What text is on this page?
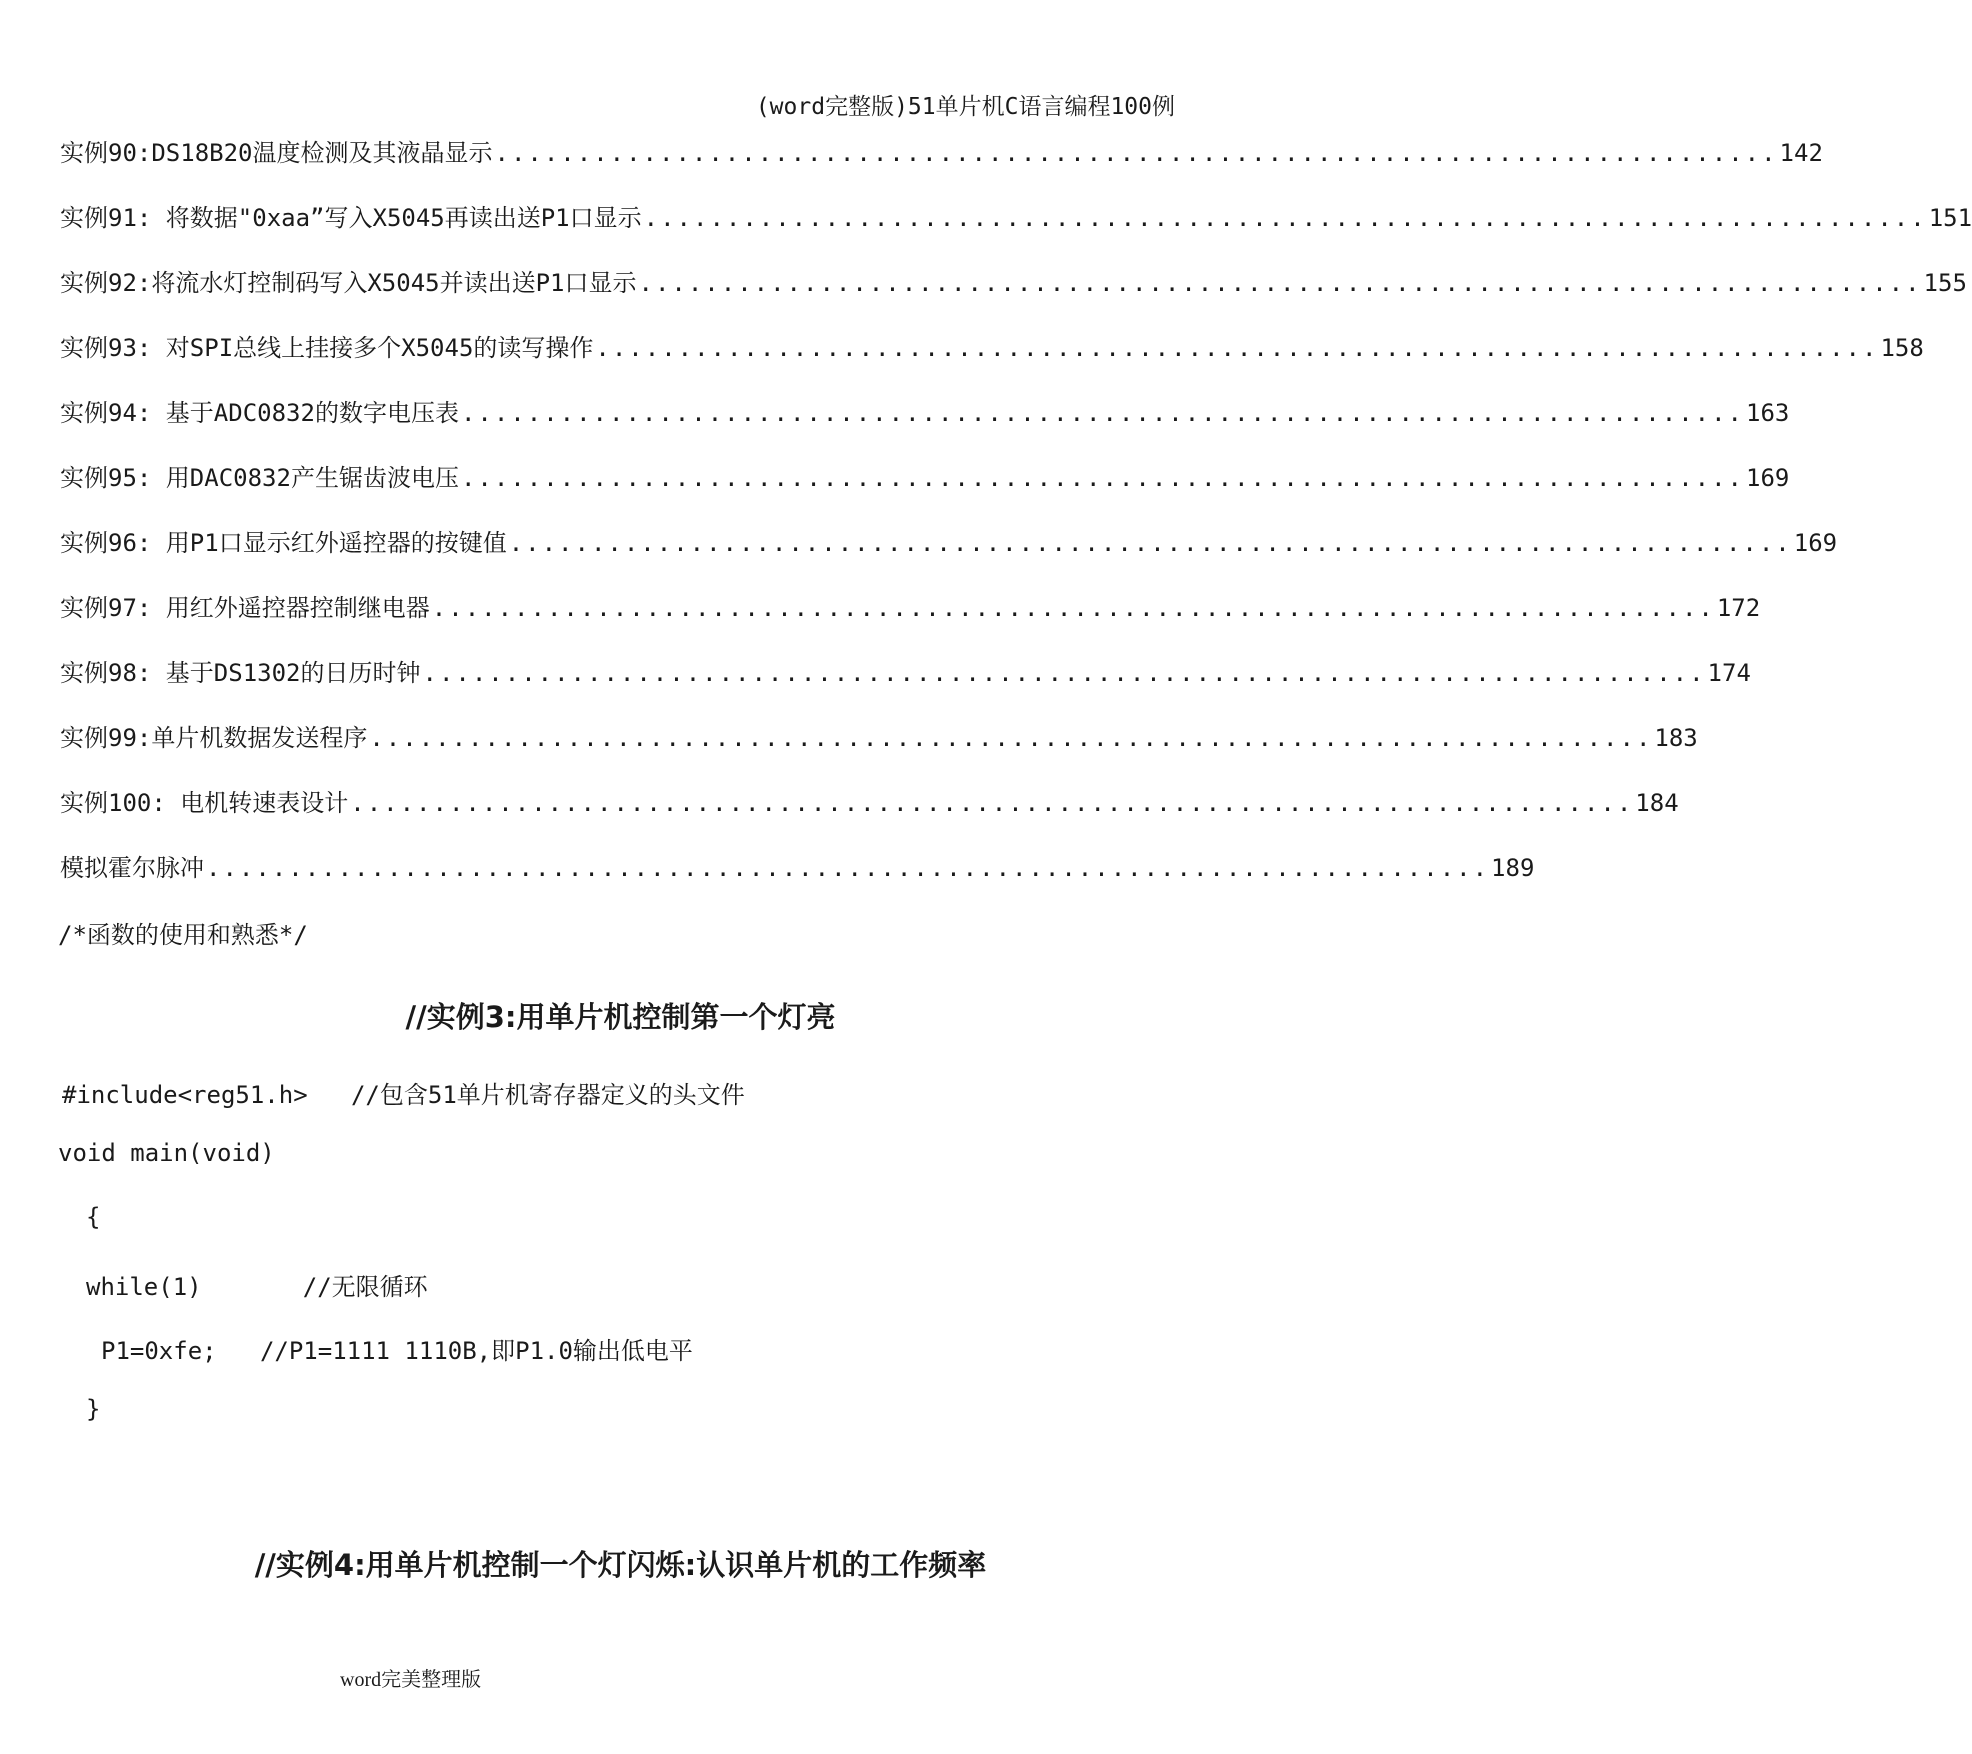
(word完整版)51单片机C语言编程100例
实例90:DS18B20温度检测及其液晶显示 .............................................................................. 142
实例91: 将数据"0xaa”写入X5045再读出送P1口显示 .............................................................................. 151
实例92:将流水灯控制码写入X5045并读出送P1口显示 .............................................................................. 155
实例93: 对SPI总线上挂接多个X5045的读写操作 .............................................................................. 158
实例94: 基于ADC0832的数字电压表 .............................................................................. 163
实例95: 用DAC0832产生锯齿波电压 .............................................................................. 169
实例96: 用P1口显示红外遥控器的按键值 .............................................................................. 169
实例97: 用红外遥控器控制继电器 .............................................................................. 172
实例98: 基于DS1302的日历时钟 .............................................................................. 174
实例99:单片机数据发送程序 .............................................................................. 183
实例100: 电机转速表设计 .............................................................................. 184
模拟霍尔脉冲 .............................................................................. 189
/*函数的使用和熟悉*/
//实例3:用单片机控制第一个灯亮
#include<reg51.h>   //包含51单片机寄存器定义的头文件
void main(void)
{
while(1)       //无限循环
P1=0xfe;   //P1=1111 1110B,即P1.0输出低电平
}
//实例4:用单片机控制一个灯闪烁:认识单片机的工作频率
word完美整理版
